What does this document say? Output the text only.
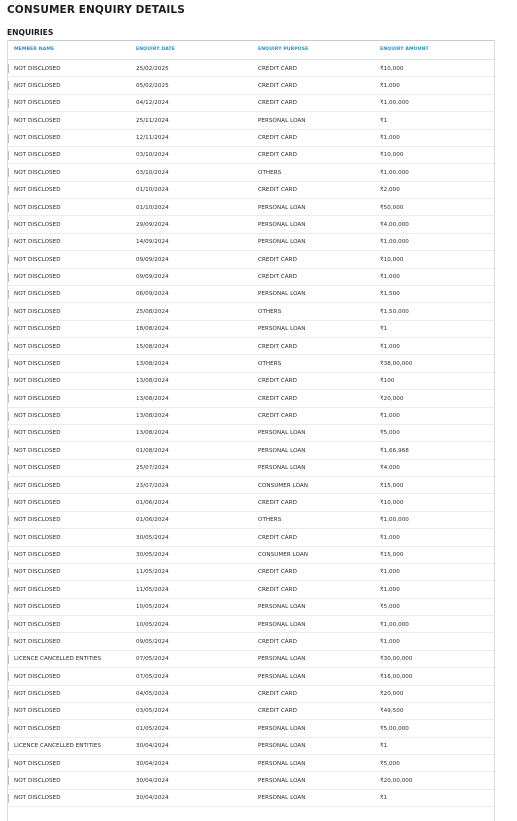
CONSUMER ENQUIRY DETAILS
ENQUIRIES
MEMBER NAME	ENQUIRY DATE	ENQUIRY PURPOSE	ENQUIRY AMOUNT
NOT DISCLOSED	25/02/2025	CREDIT CARD	₹10,000
NOT DISCLOSED	05/02/2025	CREDIT CARD	₹1,000
NOT DISCLOSED	04/12/2024	CREDIT CARD	₹1,00,000
NOT DISCLOSED	25/11/2024	PERSONAL LOAN	₹1
NOT DISCLOSED	12/11/2024	CREDIT CARD	₹1,000
NOT DISCLOSED	03/10/2024	CREDIT CARD	₹10,000
NOT DISCLOSED	03/10/2024	OTHERS	₹1,00,000
NOT DISCLOSED	01/10/2024	CREDIT CARD	₹2,000
NOT DISCLOSED	01/10/2024	PERSONAL LOAN	₹50,000
NOT DISCLOSED	29/09/2024	PERSONAL LOAN	₹4,00,000
NOT DISCLOSED	14/09/2024	PERSONAL LOAN	₹1,00,000
NOT DISCLOSED	09/09/2024	CREDIT CARD	₹10,000
NOT DISCLOSED	09/09/2024	CREDIT CARD	₹1,000
NOT DISCLOSED	06/09/2024	PERSONAL LOAN	₹1,500
NOT DISCLOSED	25/08/2024	OTHERS	₹1,50,000
NOT DISCLOSED	18/08/2024	PERSONAL LOAN	₹1
NOT DISCLOSED	15/08/2024	CREDIT CARD	₹1,000
NOT DISCLOSED	13/08/2024	OTHERS	₹38,00,000
NOT DISCLOSED	13/08/2024	CREDIT CARD	₹100
NOT DISCLOSED	13/08/2024	CREDIT CARD	₹20,000
NOT DISCLOSED	13/08/2024	CREDIT CARD	₹1,000
NOT DISCLOSED	13/08/2024	PERSONAL LOAN	₹5,000
NOT DISCLOSED	01/08/2024	PERSONAL LOAN	₹1,66,968
NOT DISCLOSED	25/07/2024	PERSONAL LOAN	₹4,000
NOT DISCLOSED	23/07/2024	CONSUMER LOAN	₹15,000
NOT DISCLOSED	01/06/2024	CREDIT CARD	₹10,000
NOT DISCLOSED	01/06/2024	OTHERS	₹1,00,000
NOT DISCLOSED	30/05/2024	CREDIT CARD	₹1,000
NOT DISCLOSED	30/05/2024	CONSUMER LOAN	₹15,000
NOT DISCLOSED	11/05/2024	CREDIT CARD	₹1,000
NOT DISCLOSED	11/05/2024	CREDIT CARD	₹1,000
NOT DISCLOSED	10/05/2024	PERSONAL LOAN	₹5,000
NOT DISCLOSED	10/05/2024	PERSONAL LOAN	₹1,00,000
NOT DISCLOSED	09/05/2024	CREDIT CARD	₹1,000
LICENCE CANCELLED ENTITIES	07/05/2024	PERSONAL LOAN	₹30,00,000
NOT DISCLOSED	07/05/2024	PERSONAL LOAN	₹16,00,000
NOT DISCLOSED	04/05/2024	CREDIT CARD	₹20,000
NOT DISCLOSED	03/05/2024	CREDIT CARD	₹49,500
NOT DISCLOSED	01/05/2024	PERSONAL LOAN	₹5,00,000
LICENCE CANCELLED ENTITIES	30/04/2024	PERSONAL LOAN	₹1
NOT DISCLOSED	30/04/2024	PERSONAL LOAN	₹5,000
NOT DISCLOSED	30/04/2024	PERSONAL LOAN	₹20,00,000
NOT DISCLOSED	30/04/2024	PERSONAL LOAN	₹1
